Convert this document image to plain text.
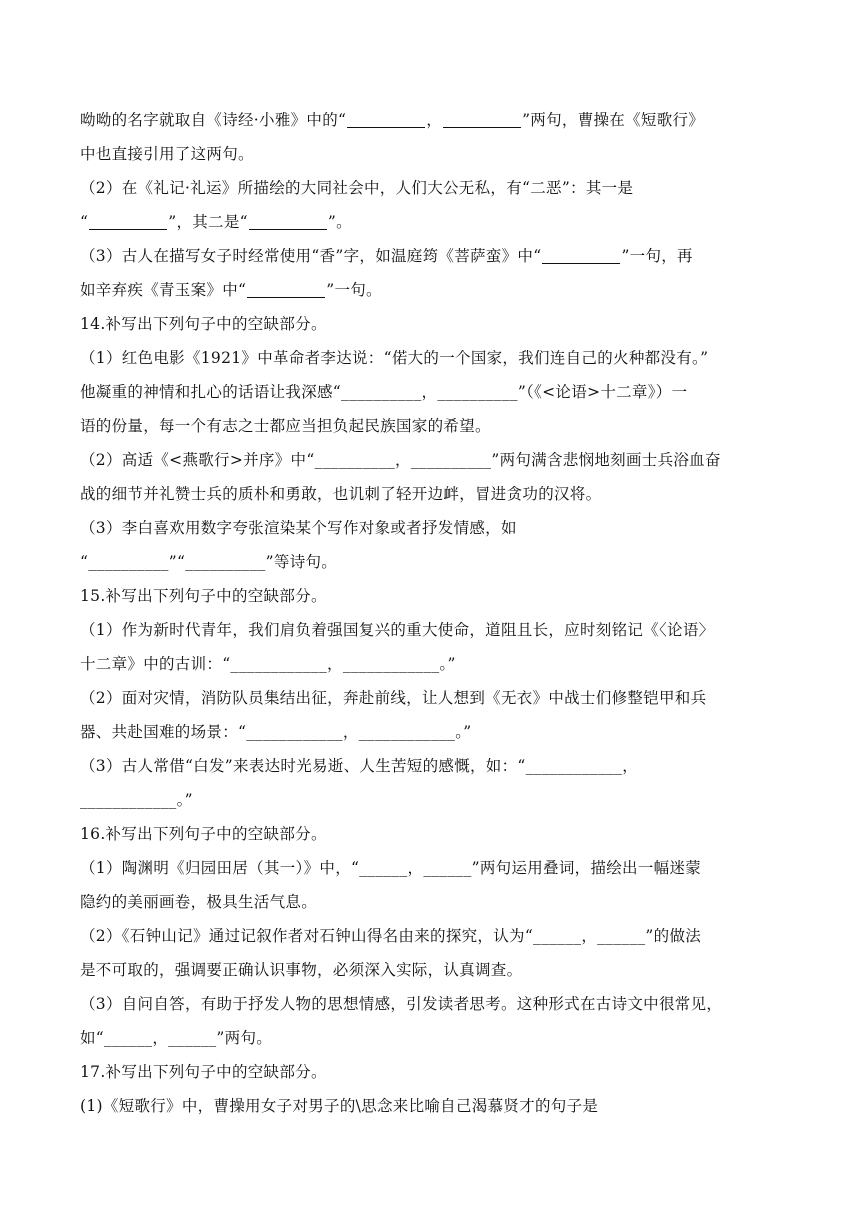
呦呦的名字就取自《诗经·小雅》中的“	，	”两句，曹操在《短歌行》
中也直接引用了这两句。
（2）在《礼记·礼运》所描绘的大同社会中，人们大公无私，有“二恶”：其一是
“	”，其二是“	”。
（3）古人在描写女子时经常使用“香”字，如温庭筠《菩萨蛮》中“	”一句，再
如辛弃疾《青玉案》中“	”一句。
14.补写出下列句子中的空缺部分。
（1）红色电影《1921》中革命者李达说：“偌大的一个国家，我们连自己的火种都没有。”
他凝重的神情和扎心的话语让我深感“__________，__________”（《<论语>十二章》）一
语的份量，每一个有志之士都应当担负起民族国家的希望。
（2）高适《<燕歌行>并序》中“__________，__________”两句满含悲悯地刻画士兵浴血奋
战的细节并礼赞士兵的质朴和勇敢，也讥刺了轻开边衅，冒进贪功的汉将。
（3）李白喜欢用数字夸张渲染某个写作对象或者抒发情感，如
“__________”“__________”等诗句。
15.补写出下列句子中的空缺部分。
（1）作为新时代青年，我们肩负着强国复兴的重大使命，道阻且长，应时刻铭记《〈论语〉
十二章》中的古训：“____________，____________。”
（2）面对灾情，消防队员集结出征，奔赴前线，让人想到《无衣》中战士们修整铠甲和兵
器、共赴国难的场景：“____________，____________。”
（3）古人常借“白发”来表达时光易逝、人生苦短的感慨，如：“____________，
____________。”
16.补写出下列句子中的空缺部分。
（1）陶渊明《归园田居（其一）》中，“______，______”两句运用叠词，描绘出一幅迷蒙
隐约的美丽画卷，极具生活气息。
（2）《石钟山记》通过记叙作者对石钟山得名由来的探究，认为“______，______”的做法
是不可取的，强调要正确认识事物，必须深入实际，认真调查。
（3）自问自答，有助于抒发人物的思想情感，引发读者思考。这种形式在古诗文中很常见，
如“______，______”两句。
17.补写出下列句子中的空缺部分。
(1)《短歌行》中，曹操用女子对男子的\思念来比喻自己渴慕贤才的句子是
